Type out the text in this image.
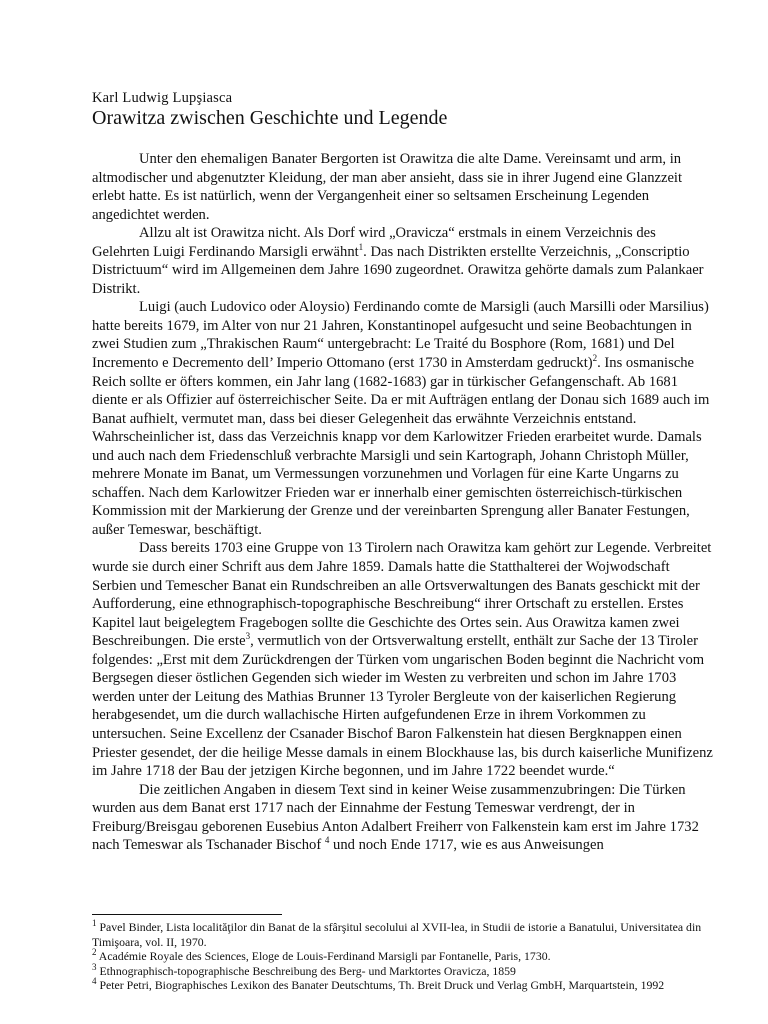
Karl Ludwig Lupşiasca
Orawitza zwischen Geschichte und Legende

Unter den ehemaligen Banater Bergorten ist Orawitza die alte Dame. Vereinsamt und arm, in altmodischer und abgenutzter Kleidung, der man aber ansieht, dass sie in ihrer Jugend eine Glanzzeit erlebt hatte. Es ist natürlich, wenn der Vergangenheit einer so seltsamen Erscheinung Legenden angedichtet werden.

Allzu alt ist Orawitza nicht. Als Dorf wird „Oravicza“ erstmals in einem Verzeichnis des Gelehrten Luigi Ferdinando Marsigli erwähnt$^1$. Das nach Distrikten erstellte Verzeichnis, „Conscriptio Districtuum“ wird im Allgemeinen dem Jahre 1690 zugeordnet. Orawitza gehörte damals zum Palankaer Distrikt.

Luigi (auch Ludovico oder Aloysio) Ferdinando comte de Marsigli (auch Marsilli oder Marsilius) hatte bereits 1679, im Alter von nur 21 Jahren, Konstantinopel aufgesucht und seine Beobachtungen in zwei Studien zum „Thrakischen Raum“ untergebracht: Le Traité du Bosphore (Rom, 1681) und Del Incremento e Decremento dell’ Imperio Ottomano (erst 1730 in Amsterdam gedruckt)$^2$. Ins osmanische Reich sollte er öfters kommen, ein Jahr lang (1682-1683) gar in türkischer Gefangenschaft. Ab 1681 diente er als Offizier auf österreichischer Seite. Da er mit Aufträgen entlang der Donau sich 1689 auch im Banat aufhielt, vermutet man, dass bei dieser Gelegenheit das erwähnte Verzeichnis entstand. Wahrscheinlicher ist, dass das Verzeichnis knapp vor dem Karlowitzer Frieden erarbeitet wurde. Damals und auch nach dem Friedenschluß verbrachte Marsigli und sein Kartograph, Johann Christoph Müller, mehrere Monate im Banat, um Vermessungen vorzunehmen und Vorlagen für eine Karte Ungarns zu schaffen. Nach dem Karlowitzer Frieden war er innerhalb einer gemischten österreichisch-türkischen Kommission mit der Markierung der Grenze und der vereinbarten Sprengung aller Banater Festungen, außer Temeswar, beschäftigt.

Dass bereits 1703 eine Gruppe von 13 Tirolern nach Orawitza kam gehört zur Legende. Verbreitet wurde sie durch einer Schrift aus dem Jahre 1859. Damals hatte die Statthalterei der Wojwodschaft Serbien und Temescher Banat ein Rundschreiben an alle Ortsverwaltungen des Banats geschickt mit der Aufforderung, eine ethnographisch-topographische Beschreibung“ ihrer Ortschaft zu erstellen. Erstes Kapitel laut beigelegtem Fragebogen sollte die Geschichte des Ortes sein. Aus Orawitza kamen zwei Beschreibungen. Die erste$^3$, vermutlich von der Ortsverwaltung erstellt, enthält zur Sache der 13 Tiroler folgendes: „Erst mit dem Zurückdrengen der Türken vom ungarischen Boden beginnt die Nachricht vom Bergsegen dieser östlichen Gegenden sich wieder im Westen zu verbreiten und schon im Jahre 1703 werden unter der Leitung des Mathias Brunner 13 Tyroler Bergleute von der kaiserlichen Regierung herabgesendet, um die durch wallachische Hirten aufgefundenen Erze in ihrem Vorkommen zu untersuchen. Seine Excellenz der Csanader Bischof Baron Falkenstein hat diesen Bergknappen einen Priester gesendet, der die heilige Messe damals in einem Blockhause las, bis durch kaiserliche Munifizenz im Jahre 1718 der Bau der jetzigen Kirche begonnen, und im Jahre 1722 beendet wurde.“

Die zeitlichen Angaben in diesem Text sind in keiner Weise zusammenzubringen: Die Türken wurden aus dem Banat erst 1717 nach der Einnahme der Festung Temeswar verdrengt, der in Freiburg/Breisgau geborenen Eusebius Anton Adalbert Freiherr von Falkenstein kam erst im Jahre 1732 nach Temeswar als Tschanader Bischof $^4$ und noch Ende 1717, wie es aus Anweisungen

$^1$ Pavel Binder, Lista localităţilor din Banat de la sfârşitul secolului al XVII-lea, in Studii de istorie a Banatului, Universitatea din Timişoara, vol. II, 1970.

$^2$ Académie Royale des Sciences, Eloge de Louis-Ferdinand Marsigli par Fontanelle, Paris, 1730.

$^3$ Ethnographisch-topographische Beschreibung des Berg- und Marktortes Oravicza, 1859

$^4$ Peter Petri, Biographisches Lexikon des Banater Deutschtums, Th. Breit Druck und Verlag GmbH, Marquartstein, 1992
